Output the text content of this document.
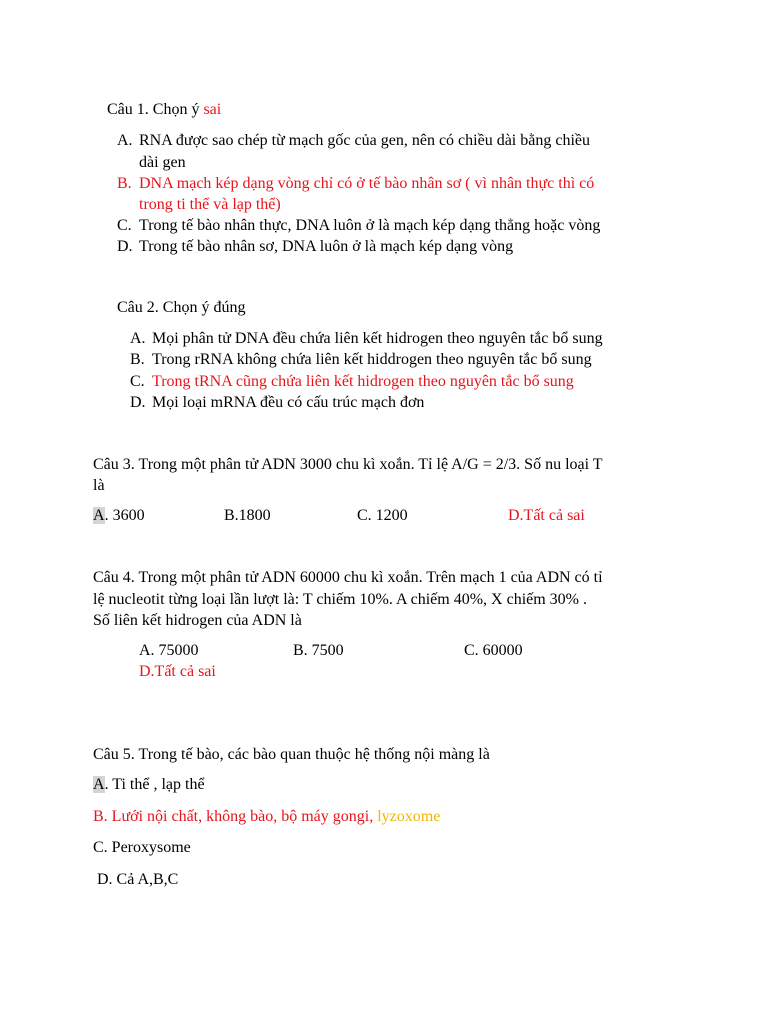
Câu 1. Chọn ý sai
A. RNA được sao chép từ mạch gốc của gen, nên có chiều dài bằng chiều
dài gen
B. DNA mạch kép dạng vòng chỉ có ở tế bào nhân sơ ( vì nhân thực thì có
trong ti thể và lạp thể)
C. Trong tế bào nhân thực, DNA luôn ở là mạch kép dạng thẳng hoặc vòng
D. Trong tế bào nhân sơ, DNA luôn ở là mạch kép dạng vòng
Câu 2. Chọn ý đúng
A. Mọi phân tử DNA đều chứa liên kết hidrogen theo nguyên tắc bổ sung
B. Trong rRNA không chứa liên kết hiddrogen theo nguyên tắc bổ sung
C. Trong tRNA cũng chứa liên kết hidrogen theo nguyên tắc bổ sung
D. Mọi loại mRNA đều có cấu trúc mạch đơn
Câu 3. Trong một phân tử ADN 3000 chu kì xoắn. Tỉ lệ A/G = 2/3. Số nu loại T
là
A. 3600	B.1800	C. 1200	D.Tất cả sai
Câu 4. Trong một phân tử ADN 60000 chu kì xoắn. Trên mạch 1 của ADN có tỉ
lệ nucleotit từng loại lần lượt là: T chiếm 10%. A chiếm 40%, X chiếm 30% .
Số liên kết hidrogen của ADN là
A. 75000	B. 7500	C. 60000
D.Tất cả sai
Câu 5. Trong tế bào, các bào quan thuộc hệ thống nội màng là
A. Ti thể , lạp thể
B. Lưới nội chất, không bào, bộ máy gongi, lyzoxome
C. Peroxysome
D. Cả A,B,C
